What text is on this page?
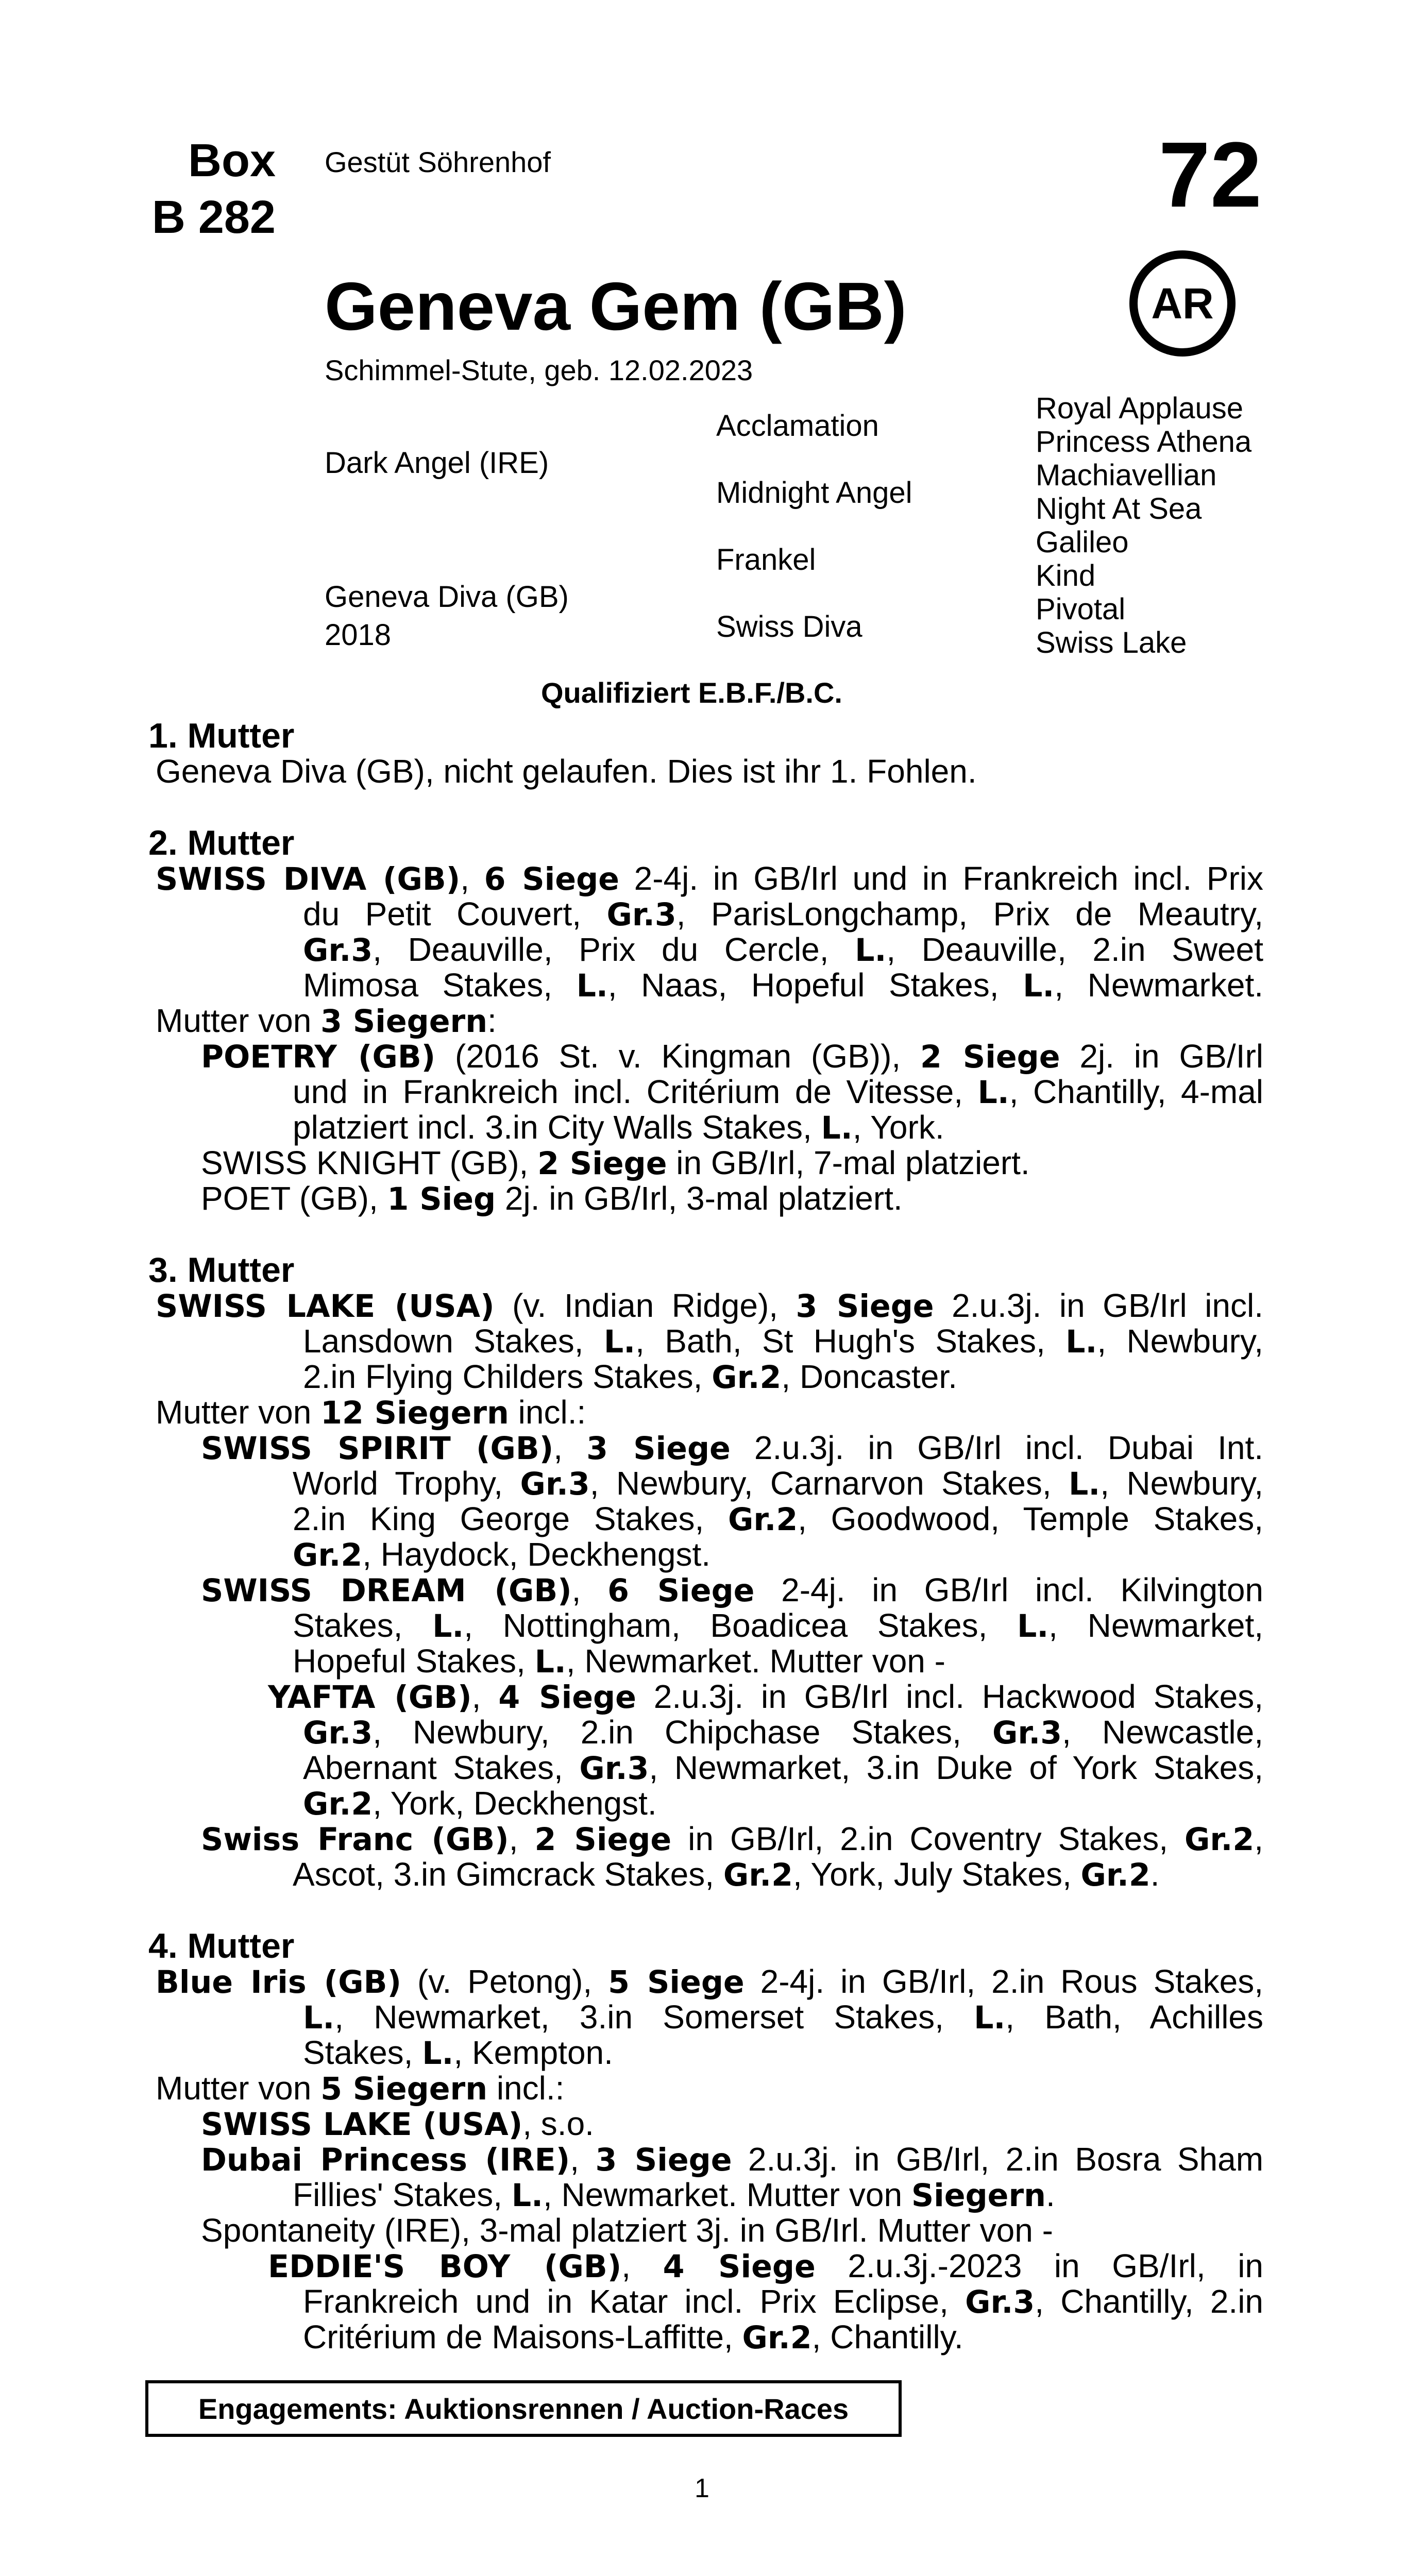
Box
B 282
Gestüt Söhrenhof	72
AR
Geneva Gem (GB)
Schimmel-Stute, geb. 12.02.2023
Dark Angel (IRE)
Geneva Diva (GB)
2018
Acclamation
Midnight Angel
Frankel
Swiss Diva
Royal Applause
Princess Athena
Machiavellian
Night At Sea
Galileo
Kind
Pivotal
Swiss Lake
Qualifiziert E.B.F./B.C.
1. Mutter
Geneva Diva (GB), nicht gelaufen. Dies ist ihr 1. Fohlen.
2. Mutter
SWISS DIVA (GB), 6 Siege 2-4j. in GB/Irl und in Frankreich incl. Prix
du Petit Couvert, Gr.3, ParisLongchamp, Prix de Meautry,
Gr.3, Deauville, Prix du Cercle, L., Deauville, 2.in Sweet
Mimosa Stakes, L., Naas, Hopeful Stakes, L., Newmarket.
Mutter von 3 Siegern:
POETRY (GB) (2016 St. v. Kingman (GB)), 2 Siege 2j. in GB/Irl
und in Frankreich incl. Critérium de Vitesse, L., Chantilly, 4-mal
platziert incl. 3.in City Walls Stakes, L., York.
SWISS KNIGHT (GB), 2 Siege in GB/Irl, 7-mal platziert.
POET (GB), 1 Sieg 2j. in GB/Irl, 3-mal platziert.
3. Mutter
SWISS LAKE (USA) (v. Indian Ridge), 3 Siege 2.u.3j. in GB/Irl incl.
Lansdown Stakes, L., Bath, St Hugh's Stakes, L., Newbury,
2.in Flying Childers Stakes, Gr.2, Doncaster.
Mutter von 12 Siegern incl.:
SWISS SPIRIT (GB), 3 Siege 2.u.3j. in GB/Irl incl. Dubai Int.
World Trophy, Gr.3, Newbury, Carnarvon Stakes, L., Newbury,
2.in King George Stakes, Gr.2, Goodwood, Temple Stakes,
Gr.2, Haydock, Deckhengst.
SWISS DREAM (GB), 6 Siege 2-4j. in GB/Irl incl. Kilvington
Stakes, L., Nottingham, Boadicea Stakes, L., Newmarket,
Hopeful Stakes, L., Newmarket. Mutter von -
YAFTA (GB), 4 Siege 2.u.3j. in GB/Irl incl. Hackwood Stakes,
Gr.3, Newbury, 2.in Chipchase Stakes, Gr.3, Newcastle,
Abernant Stakes, Gr.3, Newmarket, 3.in Duke of York Stakes,
Gr.2, York, Deckhengst.
Swiss Franc (GB), 2 Siege in GB/Irl, 2.in Coventry Stakes, Gr.2,
Ascot, 3.in Gimcrack Stakes, Gr.2, York, July Stakes, Gr.2.
4. Mutter
Blue Iris (GB) (v. Petong), 5 Siege 2-4j. in GB/Irl, 2.in Rous Stakes,
L., Newmarket, 3.in Somerset Stakes, L., Bath, Achilles
Stakes, L., Kempton.
Mutter von 5 Siegern incl.:
SWISS LAKE (USA), s.o.
Dubai Princess (IRE), 3 Siege 2.u.3j. in GB/Irl, 2.in Bosra Sham
Fillies' Stakes, L., Newmarket. Mutter von Siegern.
Spontaneity (IRE), 3-mal platziert 3j. in GB/Irl. Mutter von -
EDDIE'S BOY (GB), 4 Siege 2.u.3j.-2023 in GB/Irl, in
Frankreich und in Katar incl. Prix Eclipse, Gr.3, Chantilly, 2.in
Critérium de Maisons-Laffitte, Gr.2, Chantilly.
Engagements: Auktionsrennen / Auction-Races
1
